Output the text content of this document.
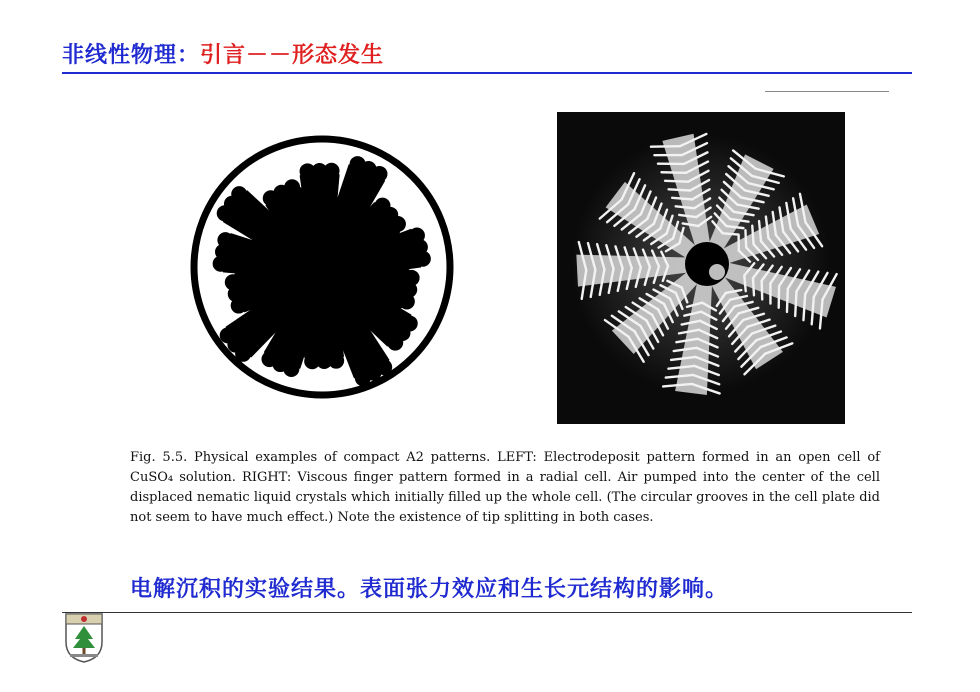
非线性物理：引言－－形态发生
Fig. 5.5. Physical examples of compact A2 patterns. LEFT: Electrodeposit pattern formed in an open cell of CuSO₄ solution. RIGHT: Viscous finger pattern formed in a radial cell. Air pumped into the center of the cell displaced nematic liquid crystals which initially filled up the whole cell. (The circular grooves in the cell plate did not seem to have much effect.) Note the existence of tip splitting in both cases.
电解沉积的实验结果。表面张力效应和生长元结构的影响。
